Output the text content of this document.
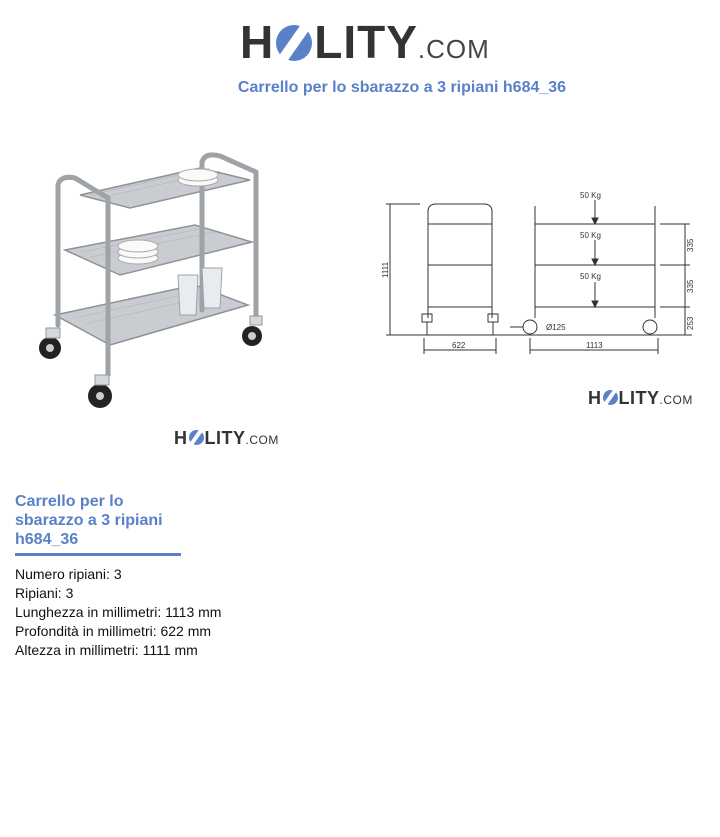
H LITY.COM
Carrello per lo sbarazzo a 3 ripiani h684_36
H LITY.COM
50 Kg
50 Kg
50 Kg
1111
335
335
253
622	1113
Ø125
H LITY.COM
Carrello per lo sbarazzo a 3 ripiani h684_36
Numero ripiani: 3
Ripiani: 3
Lunghezza in millimetri: 1113 mm
Profondità in millimetri: 622 mm
Altezza in millimetri: 1111 mm
